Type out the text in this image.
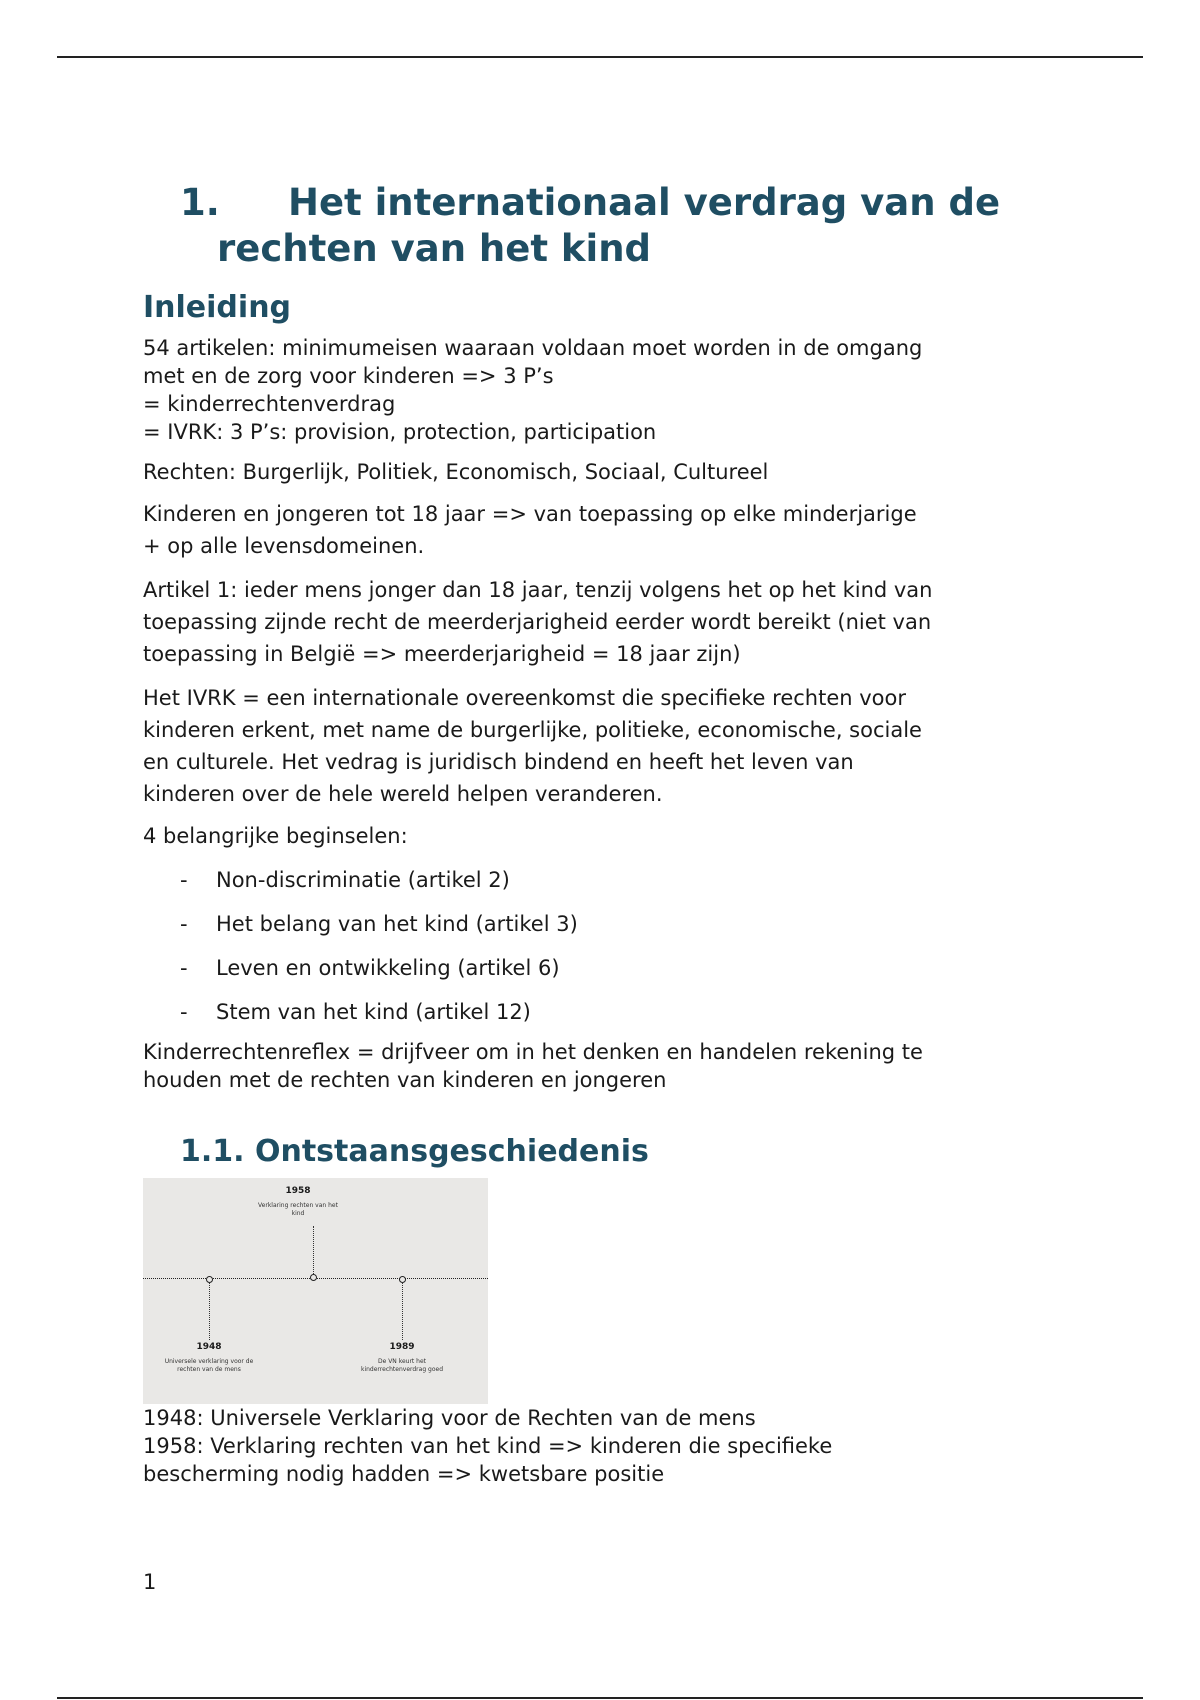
1. Het internationaal verdrag van de
rechten van het kind
Inleiding

54 artikelen: minimumeisen waaraan voldaan moet worden in de omgang
met en de zorg voor kinderen => 3 P’s
= kinderrechtenverdrag
= IVRK: 3 P’s: provision, protection, participation

Rechten: Burgerlijk, Politiek, Economisch, Sociaal, Cultureel

Kinderen en jongeren tot 18 jaar => van toepassing op elke minderjarige
+ op alle levensdomeinen.

Artikel 1: ieder mens jonger dan 18 jaar, tenzij volgens het op het kind van
toepassing zijnde recht de meerderjarigheid eerder wordt bereikt (niet van
toepassing in België => meerderjarigheid = 18 jaar zijn)

Het IVRK = een internationale overeenkomst die specifieke rechten voor
kinderen erkent, met name de burgerlijke, politieke, economische, sociale
en culturele. Het vedrag is juridisch bindend en heeft het leven van
kinderen over de hele wereld helpen veranderen.

4 belangrijke beginselen:

-	Non-discriminatie (artikel 2)
-	Het belang van het kind (artikel 3)
-	Leven en ontwikkeling (artikel 6)
-	Stem van het kind (artikel 12)

Kinderrechtenreflex = drijfveer om in het denken en handelen rekening te
houden met de rechten van kinderen en jongeren

1.1. Ontstaansgeschiedenis
1958
Verklaring rechten van het kind
1948
Universele verklaring voor de rechten van de mens
1989
De VN keurt het kinderrechtenverdrag goed

1948: Universele Verklaring voor de Rechten van de mens
1958: Verklaring rechten van het kind => kinderen die specifieke
bescherming nodig hadden => kwetsbare positie

1
